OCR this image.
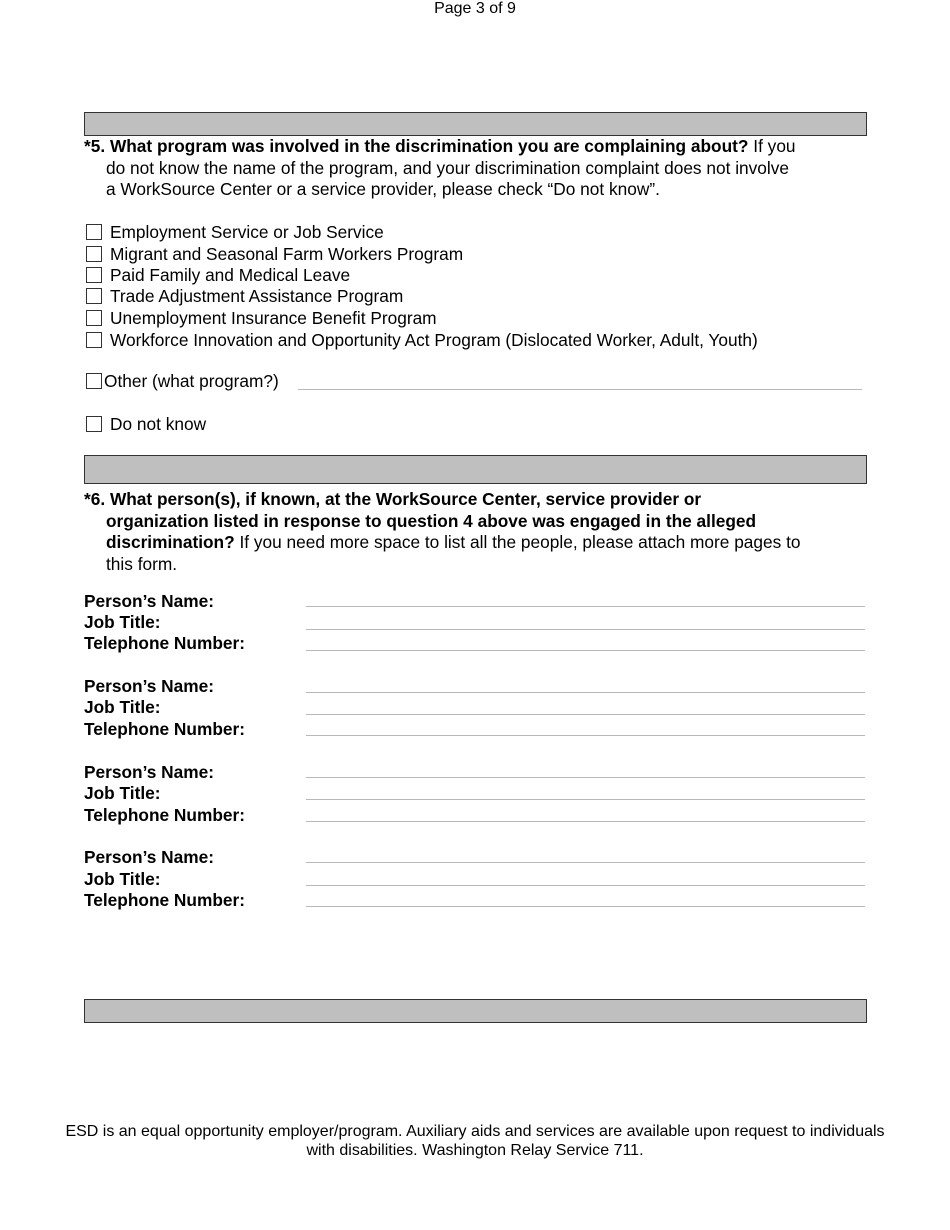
*5. What program was involved in the discrimination you are complaining about? If you
do not know the name of the program, and your discrimination complaint does not involve
a WorkSource Center or a service provider, please check “Do not know”.
Employment Service or Job Service
Migrant and Seasonal Farm Workers Program
Paid Family and Medical Leave
Trade Adjustment Assistance Program
Unemployment Insurance Benefit Program
Workforce Innovation and Opportunity Act Program (Dislocated Worker, Adult, Youth)
Other (what program?)
Do not know
*6. What person(s), if known, at the WorkSource Center, service provider or
organization listed in response to question 4 above was engaged in the alleged
discrimination? If you need more space to list all the people, please attach more pages to
this form.
Person’s Name:
Job Title:
Telephone Number:
Person’s Name:
Job Title:
Telephone Number:
Person’s Name:
Job Title:
Telephone Number:
Person’s Name:
Job Title:
Telephone Number:
Page 3 of 9
ESD is an equal opportunity employer/program. Auxiliary aids and services are available upon request to individuals
with disabilities. Washington Relay Service 711.
